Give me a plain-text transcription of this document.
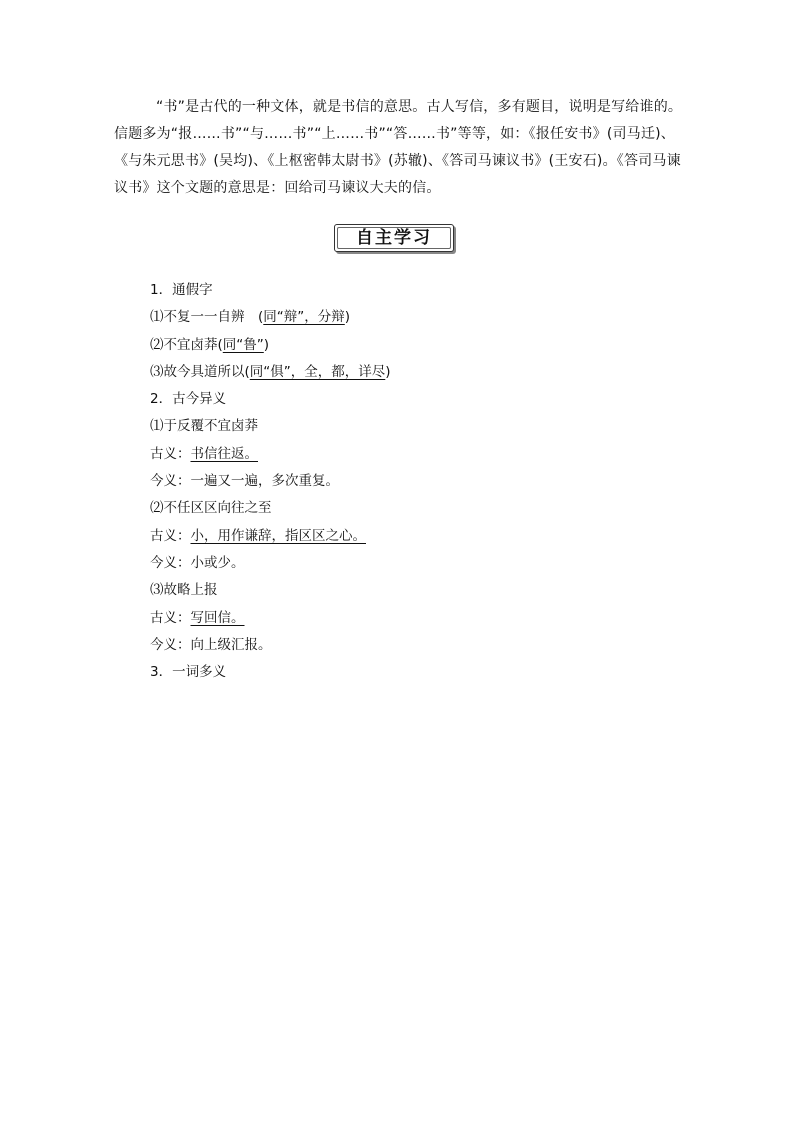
“书”是古代的一种文体，就是书信的意思。古人写信，多有题目，说明是写给谁的。信题多为“报……书”“与……书”“上……书”“答……书”等等，如：《报任安书》(司马迁)、《与朱元思书》(吴均)、《上枢密韩太尉书》(苏辙)、《答司马谏议书》(王安石)。《答司马谏议书》这个文题的意思是：回给司马谏议大夫的信。

自主学习
1．通假字
⑴不复一一自辨　(同“辩”，分辩)
⑵不宜卤莽(同“鲁”)
⑶故今具道所以(同“俱”，全，都，详尽)
2．古今异义
⑴于反覆不宜卤莽
古义：书信往返。
今义：一遍又一遍，多次重复。
⑵不任区区向往之至
古义：小，用作谦辞，指区区之心。
今义：小或少。
⑶故略上报
古义：写回信。
今义：向上级汇报。
3．一词多义
